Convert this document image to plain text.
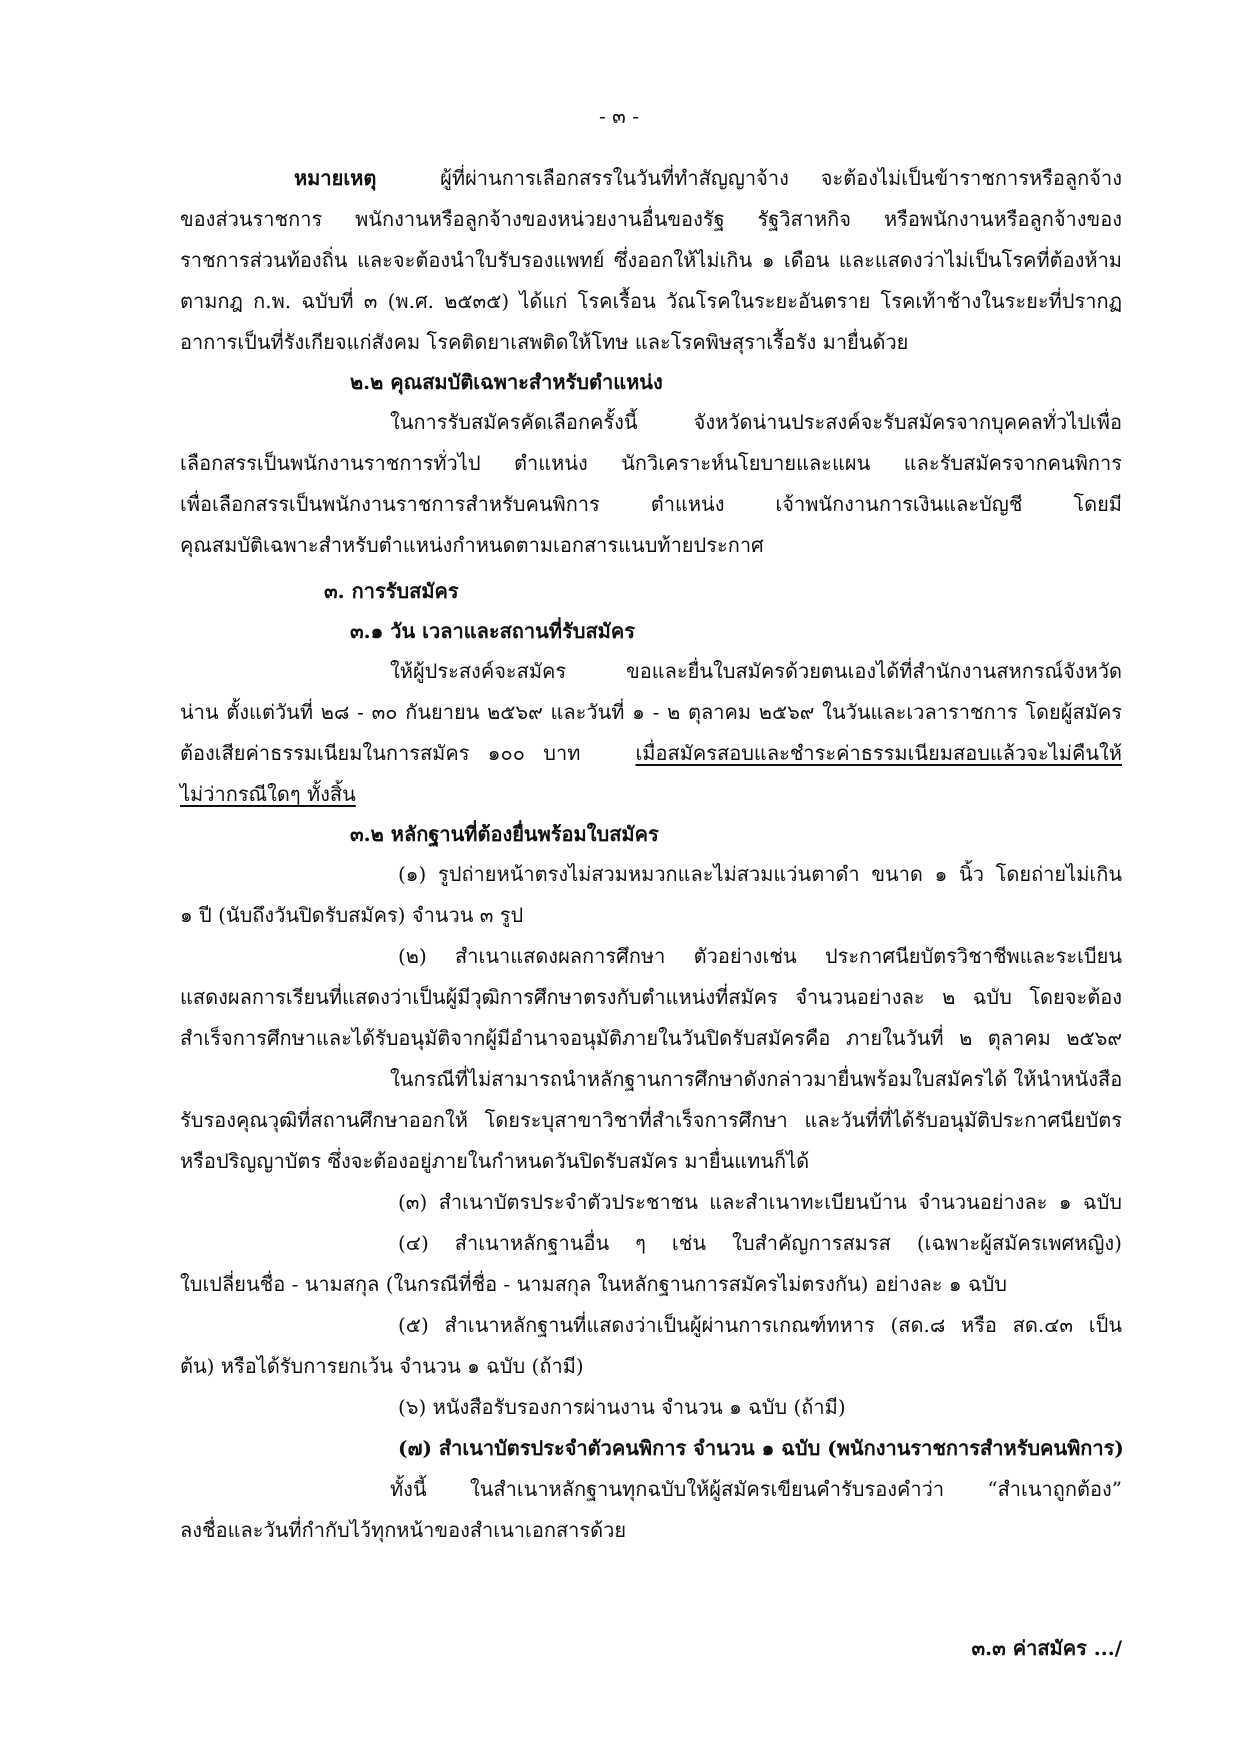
- ๓ -
หมายเหตุ	ผู้ที่ผ่านการเลือกสรรในวันที่ทำสัญญาจ้าง จะต้องไม่เป็นข้าราชการหรือลูกจ้าง
ของส่วนราชการ พนักงานหรือลูกจ้างของหน่วยงานอื่นของรัฐ รัฐวิสาหกิจ หรือพนักงานหรือลูกจ้างของ
ราชการส่วนท้องถิ่น และจะต้องนำใบรับรองแพทย์ ซึ่งออกให้ไม่เกิน ๑ เดือน และแสดงว่าไม่เป็นโรคที่ต้องห้าม
ตามกฎ ก.พ. ฉบับที่ ๓ (พ.ศ. ๒๕๓๕) ได้แก่ โรคเรื้อน วัณโรคในระยะอันตราย โรคเท้าช้างในระยะที่ปรากฏ
อาการเป็นที่รังเกียจแก่สังคม โรคติดยาเสพติดให้โทษ และโรคพิษสุราเรื้อรัง มายื่นด้วย
๒.๒ คุณสมบัติเฉพาะสำหรับตำแหน่ง
ในการรับสมัครคัดเลือกครั้งนี้ จังหวัดน่านประสงค์จะรับสมัครจากบุคคลทั่วไปเพื่อ
เลือกสรรเป็นพนักงานราชการทั่วไป ตำแหน่ง นักวิเคราะห์นโยบายและแผน และรับสมัครจากคนพิการ
เพื่อเลือกสรรเป็นพนักงานราชการสำหรับคนพิการ ตำแหน่ง เจ้าพนักงานการเงินและบัญชี โดยมี
คุณสมบัติเฉพาะสำหรับตำแหน่งกำหนดตามเอกสารแนบท้ายประกาศ
๓. การรับสมัคร
๓.๑ วัน เวลาและสถานที่รับสมัคร
ให้ผู้ประสงค์จะสมัคร ขอและยื่นใบสมัครด้วยตนเองได้ที่สำนักงานสหกรณ์จังหวัด
น่าน ตั้งแต่วันที่ ๒๘ - ๓๐ กันยายน ๒๕๖๙ และวันที่ ๑ - ๒ ตุลาคม ๒๕๖๙ ในวันและเวลาราชการ โดยผู้สมัคร
ต้องเสียค่าธรรมเนียมในการสมัคร ๑๐๐ บาท	เมื่อสมัครสอบและชำระค่าธรรมเนียมสอบแล้วจะไม่คืนให้
ไม่ว่ากรณีใดๆ ทั้งสิ้น
๓.๒ หลักฐานที่ต้องยื่นพร้อมใบสมัคร
(๑) รูปถ่ายหน้าตรงไม่สวมหมวกและไม่สวมแว่นตาดำ ขนาด ๑ นิ้ว โดยถ่ายไม่เกิน
๑ ปี (นับถึงวันปิดรับสมัคร) จำนวน ๓ รูป
(๒) สำเนาแสดงผลการศึกษา ตัวอย่างเช่น ประกาศนียบัตรวิชาชีพและระเบียน
แสดงผลการเรียนที่แสดงว่าเป็นผู้มีวุฒิการศึกษาตรงกับตำแหน่งที่สมัคร จำนวนอย่างละ ๒ ฉบับ โดยจะต้อง
สำเร็จการศึกษาและได้รับอนุมัติจากผู้มีอำนาจอนุมัติภายในวันปิดรับสมัครคือ ภายในวันที่ ๒ ตุลาคม ๒๕๖๙
ในกรณีที่ไม่สามารถนำหลักฐานการศึกษาดังกล่าวมายื่นพร้อมใบสมัครได้ ให้นำหนังสือ
รับรองคุณวุฒิที่สถานศึกษาออกให้ โดยระบุสาขาวิชาที่สำเร็จการศึกษา และวันที่ที่ได้รับอนุมัติประกาศนียบัตร
หรือปริญญาบัตร ซึ่งจะต้องอยู่ภายในกำหนดวันปิดรับสมัคร มายื่นแทนก็ได้
(๓) สำเนาบัตรประจำตัวประชาชน และสำเนาทะเบียนบ้าน จำนวนอย่างละ ๑ ฉบับ
(๔) สำเนาหลักฐานอื่น ๆ เช่น ใบสำคัญการสมรส (เฉพาะผู้สมัครเพศหญิง)
ใบเปลี่ยนชื่อ - นามสกุล (ในกรณีที่ชื่อ - นามสกุล ในหลักฐานการสมัครไม่ตรงกัน) อย่างละ ๑ ฉบับ
(๕) สำเนาหลักฐานที่แสดงว่าเป็นผู้ผ่านการเกณฑ์ทหาร (สด.๘ หรือ สด.๔๓ เป็น
ต้น) หรือได้รับการยกเว้น จำนวน ๑ ฉบับ (ถ้ามี)
(๖) หนังสือรับรองการผ่านงาน จำนวน ๑ ฉบับ (ถ้ามี)
(๗) สำเนาบัตรประจำตัวคนพิการ จำนวน ๑ ฉบับ (พนักงานราชการสำหรับคนพิการ)
ทั้งนี้ ในสำเนาหลักฐานทุกฉบับให้ผู้สมัครเขียนคำรับรองคำว่า “สำเนาถูกต้อง”
ลงชื่อและวันที่กำกับไว้ทุกหน้าของสำเนาเอกสารด้วย
๓.๓ ค่าสมัคร .../
